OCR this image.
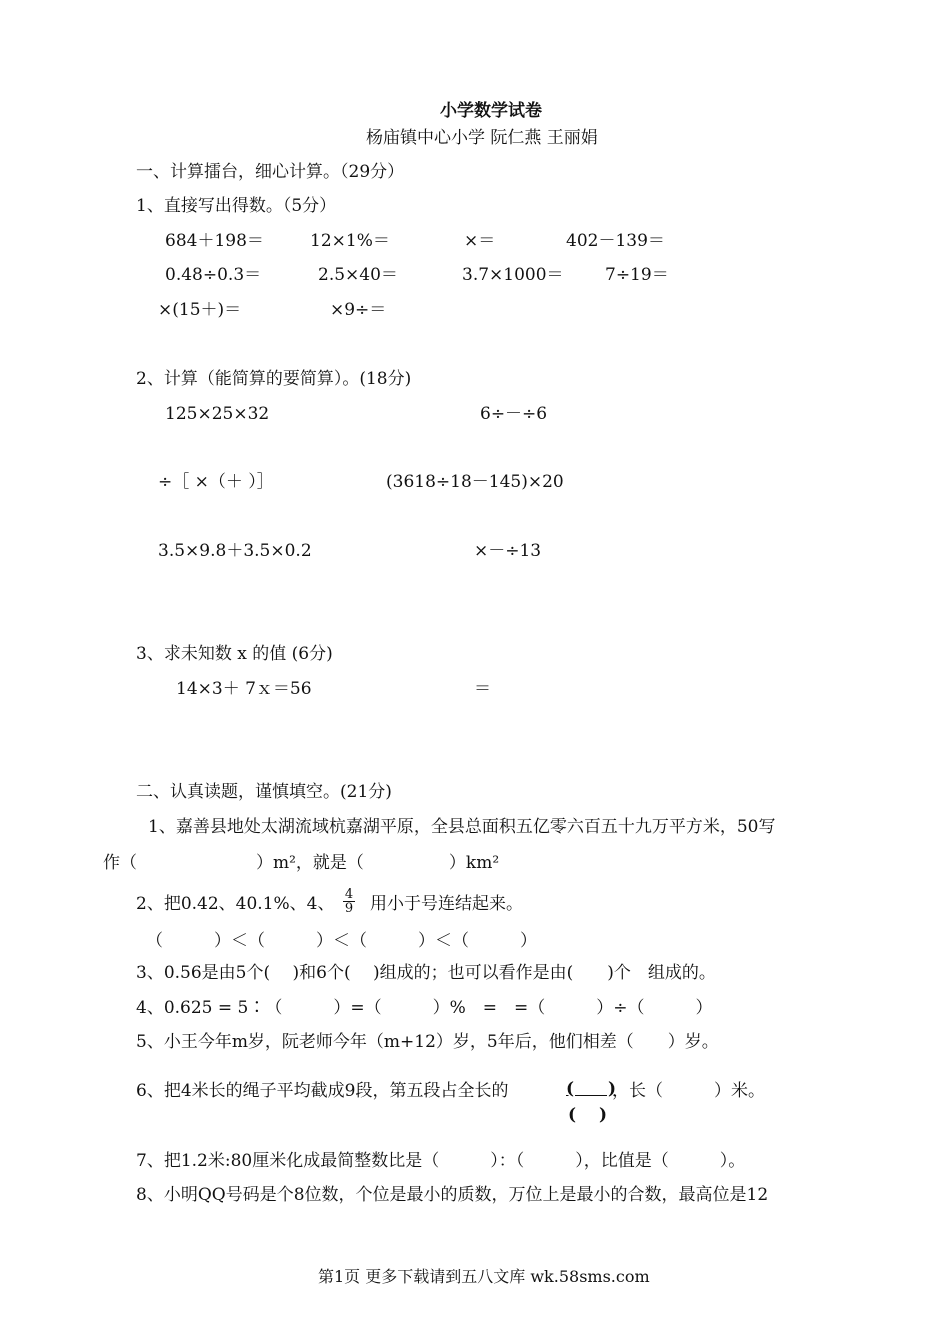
小学数学试卷
杨庙镇中心小学 阮仁燕 王丽娟
一、计算擂台，细心计算。（29分）
1、直接写出得数。（5分）
684＋198＝	12×1%＝	×＝	402－139＝
0.48÷0.3＝	2.5×40＝	3.7×1000＝ 7÷19＝
×(15＋)＝	×9÷＝
2、计算（能简算的要简算）。(18分)
125×25×32	6÷－÷6
÷［ ×（＋ ）］	(3618÷18－145)×20
3.5×9.8＋3.5×0.2	×－÷13
3、求未知数 x 的值 (6分)
14×3＋ 7ｘ＝56	＝
二、认真读题，谨慎填空。(21分)
1、嘉善县地处太湖流域杭嘉湖平原，全县总面积五亿零六百五十九万平方米，50写
作（　　　　　　　）m²，就是（　　　　　）km²
2、把0.42、40.1%、4、 $\frac{4}{9}$ 用小于号连结起来。
（　　　）＜（　　　）＜（　　　）＜（　　　）
3、0.56是由5个(　 )和6个(　 )组成的；也可以看作是由(　　)个　组成的。
4、0.625 = 5∶（　　　）=（　　　）%　=　=（　　　）÷（　　　）
5、小王今年m岁，阮老师今年（m+12）岁，5年后，他们相差（　　）岁。
6、把4米长的绳子平均截成9段，第五段占全长的	(　　)
(　 )
，长（　　　）米。
7、把1.2米:80厘米化成最简整数比是（　　　）：（　　　），比值是（　　　）。
8、小明QQ号码是个8位数，个位是最小的质数，万位上是最小的合数，最高位是12
第1页 更多下载请到五八文库 wk.58sms.com
